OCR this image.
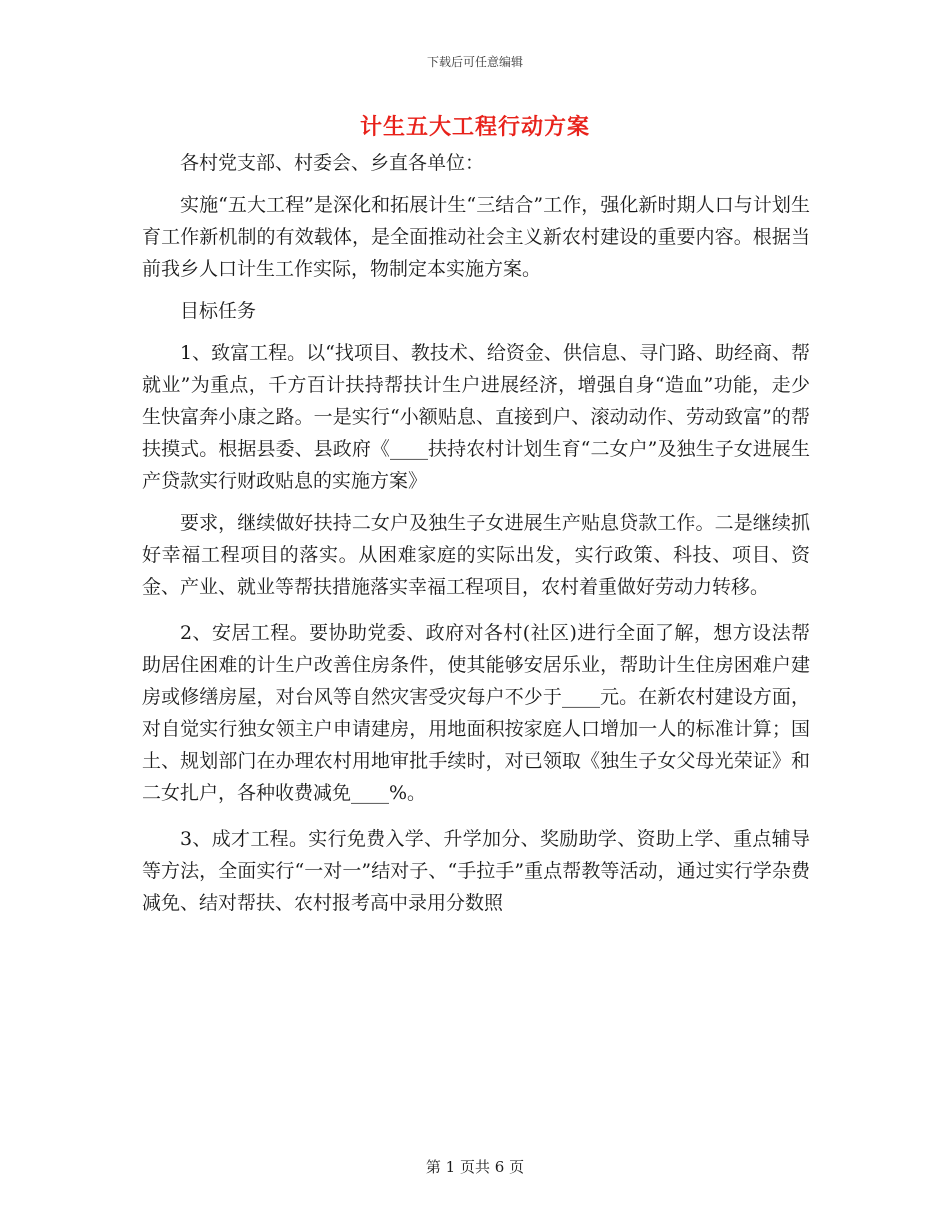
下载后可任意编辑
计生五大工程行动方案

各村党支部、村委会、乡直各单位：

实施“五大工程”是深化和拓展计生“三结合”工作，强化新时期人口与计划生育工作新机制的有效载体，是全面推动社会主义新农村建设的重要内容。根据当前我乡人口计生工作实际，物制定本实施方案。

目标任务

1、致富工程。以“找项目、教技术、给资金、供信息、寻门路、助经商、帮就业”为重点，千方百计扶持帮扶计生户进展经济，增强自身“造血”功能，走少生快富奔小康之路。一是实行“小额贴息、直接到户、滚动动作、劳动致富”的帮扶摸式。根据县委、县政府《____扶持农村计划生育“二女户”及独生子女进展生产贷款实行财政贴息的实施方案》

要求，继续做好扶持二女户及独生子女进展生产贴息贷款工作。二是继续抓好幸福工程项目的落实。从困难家庭的实际出发，实行政策、科技、项目、资金、产业、就业等帮扶措施落实幸福工程项目，农村着重做好劳动力转移。

2、安居工程。要协助党委、政府对各村(社区)进行全面了解，想方设法帮助居住困难的计生户改善住房条件，使其能够安居乐业，帮助计生住房困难户建房或修缮房屋，对台风等自然灾害受灾每户不少于____元。在新农村建设方面，对自觉实行独女领主户申请建房，用地面积按家庭人口增加一人的标准计算；国土、规划部门在办理农村用地审批手续时，对已领取《独生子女父母光荣证》和二女扎户，各种收费减免____%。

3、成才工程。实行免费入学、升学加分、奖励助学、资助上学、重点辅导等方法，全面实行“一对一”结对子、“手拉手”重点帮教等活动，通过实行学杂费减免、结对帮扶、农村报考高中录用分数照

第 1 页共 6 页
